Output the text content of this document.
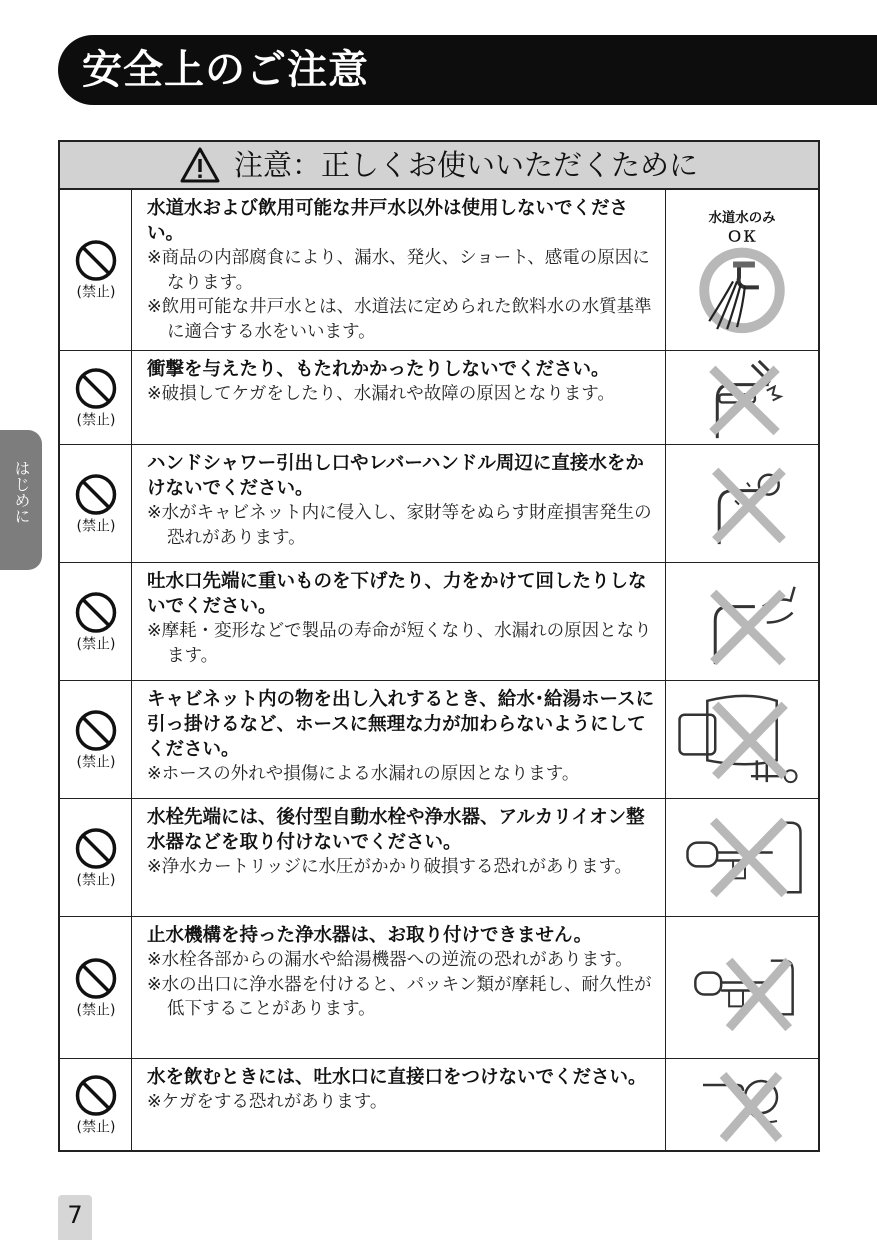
安全上のご注意
はじめに
注意：正しくお使いいただくために
(禁止)
水道水および飲用可能な井戸水以外は使用しないでください。
※商品の内部腐食により、漏水、発火、ショート、感電の原因になります。
※飲用可能な井戸水とは、水道法に定められた飲料水の水質基準に適合する水をいいます。
水道水のみ
ＯＫ
(禁止)
衝撃を与えたり、もたれかかったりしないでください。
※破損してケガをしたり、水漏れや故障の原因となります。
(禁止)
ハンドシャワー引出し口やレバーハンドル周辺に直接水をかけないでください。
※水がキャビネット内に侵入し、家財等をぬらす財産損害発生の恐れがあります。
(禁止)
吐水口先端に重いものを下げたり、力をかけて回したりしないでください。
※摩耗・変形などで製品の寿命が短くなり、水漏れの原因となります。
(禁止)
キャビネット内の物を出し入れするとき、給水･給湯ホースに引っ掛けるなど、ホースに無理な力が加わらないようにしてください。
※ホースの外れや損傷による水漏れの原因となります。
(禁止)
水栓先端には、後付型自動水栓や浄水器、アルカリイオン整水器などを取り付けないでください。
※浄水カートリッジに水圧がかかり破損する恐れがあります。
(禁止)
止水機構を持った浄水器は、お取り付けできません。
※水栓各部からの漏水や給湯機器への逆流の恐れがあります。
※水の出口に浄水器を付けると、パッキン類が摩耗し、耐久性が低下することがあります。
(禁止)
水を飲むときには、吐水口に直接口をつけないでください。
※ケガをする恐れがあります。
7
